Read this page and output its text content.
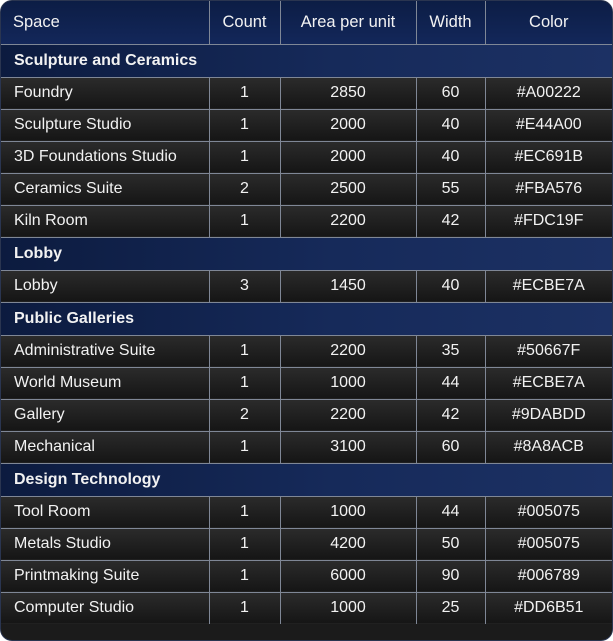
Space	Count	Area per unit	Width	Color
Sculpture and Ceramics				
Foundry	1	2850	60	#A00222
Sculpture Studio	1	2000	40	#E44A00
3D Foundations Studio	1	2000	40	#EC691B
Ceramics Suite	2	2500	55	#FBA576
Kiln Room	1	2200	42	#FDC19F
Lobby				
Lobby	3	1450	40	#ECBE7A
Public Galleries				
Administrative Suite	1	2200	35	#50667F
World Museum	1	1000	44	#ECBE7A
Gallery	2	2200	42	#9DABDD
Mechanical	1	3100	60	#8A8ACB
Design Technology				
Tool Room	1	1000	44	#005075
Metals Studio	1	4200	50	#005075
Printmaking Suite	1	6000	90	#006789
Computer Studio	1	1000	25	#DD6B51
